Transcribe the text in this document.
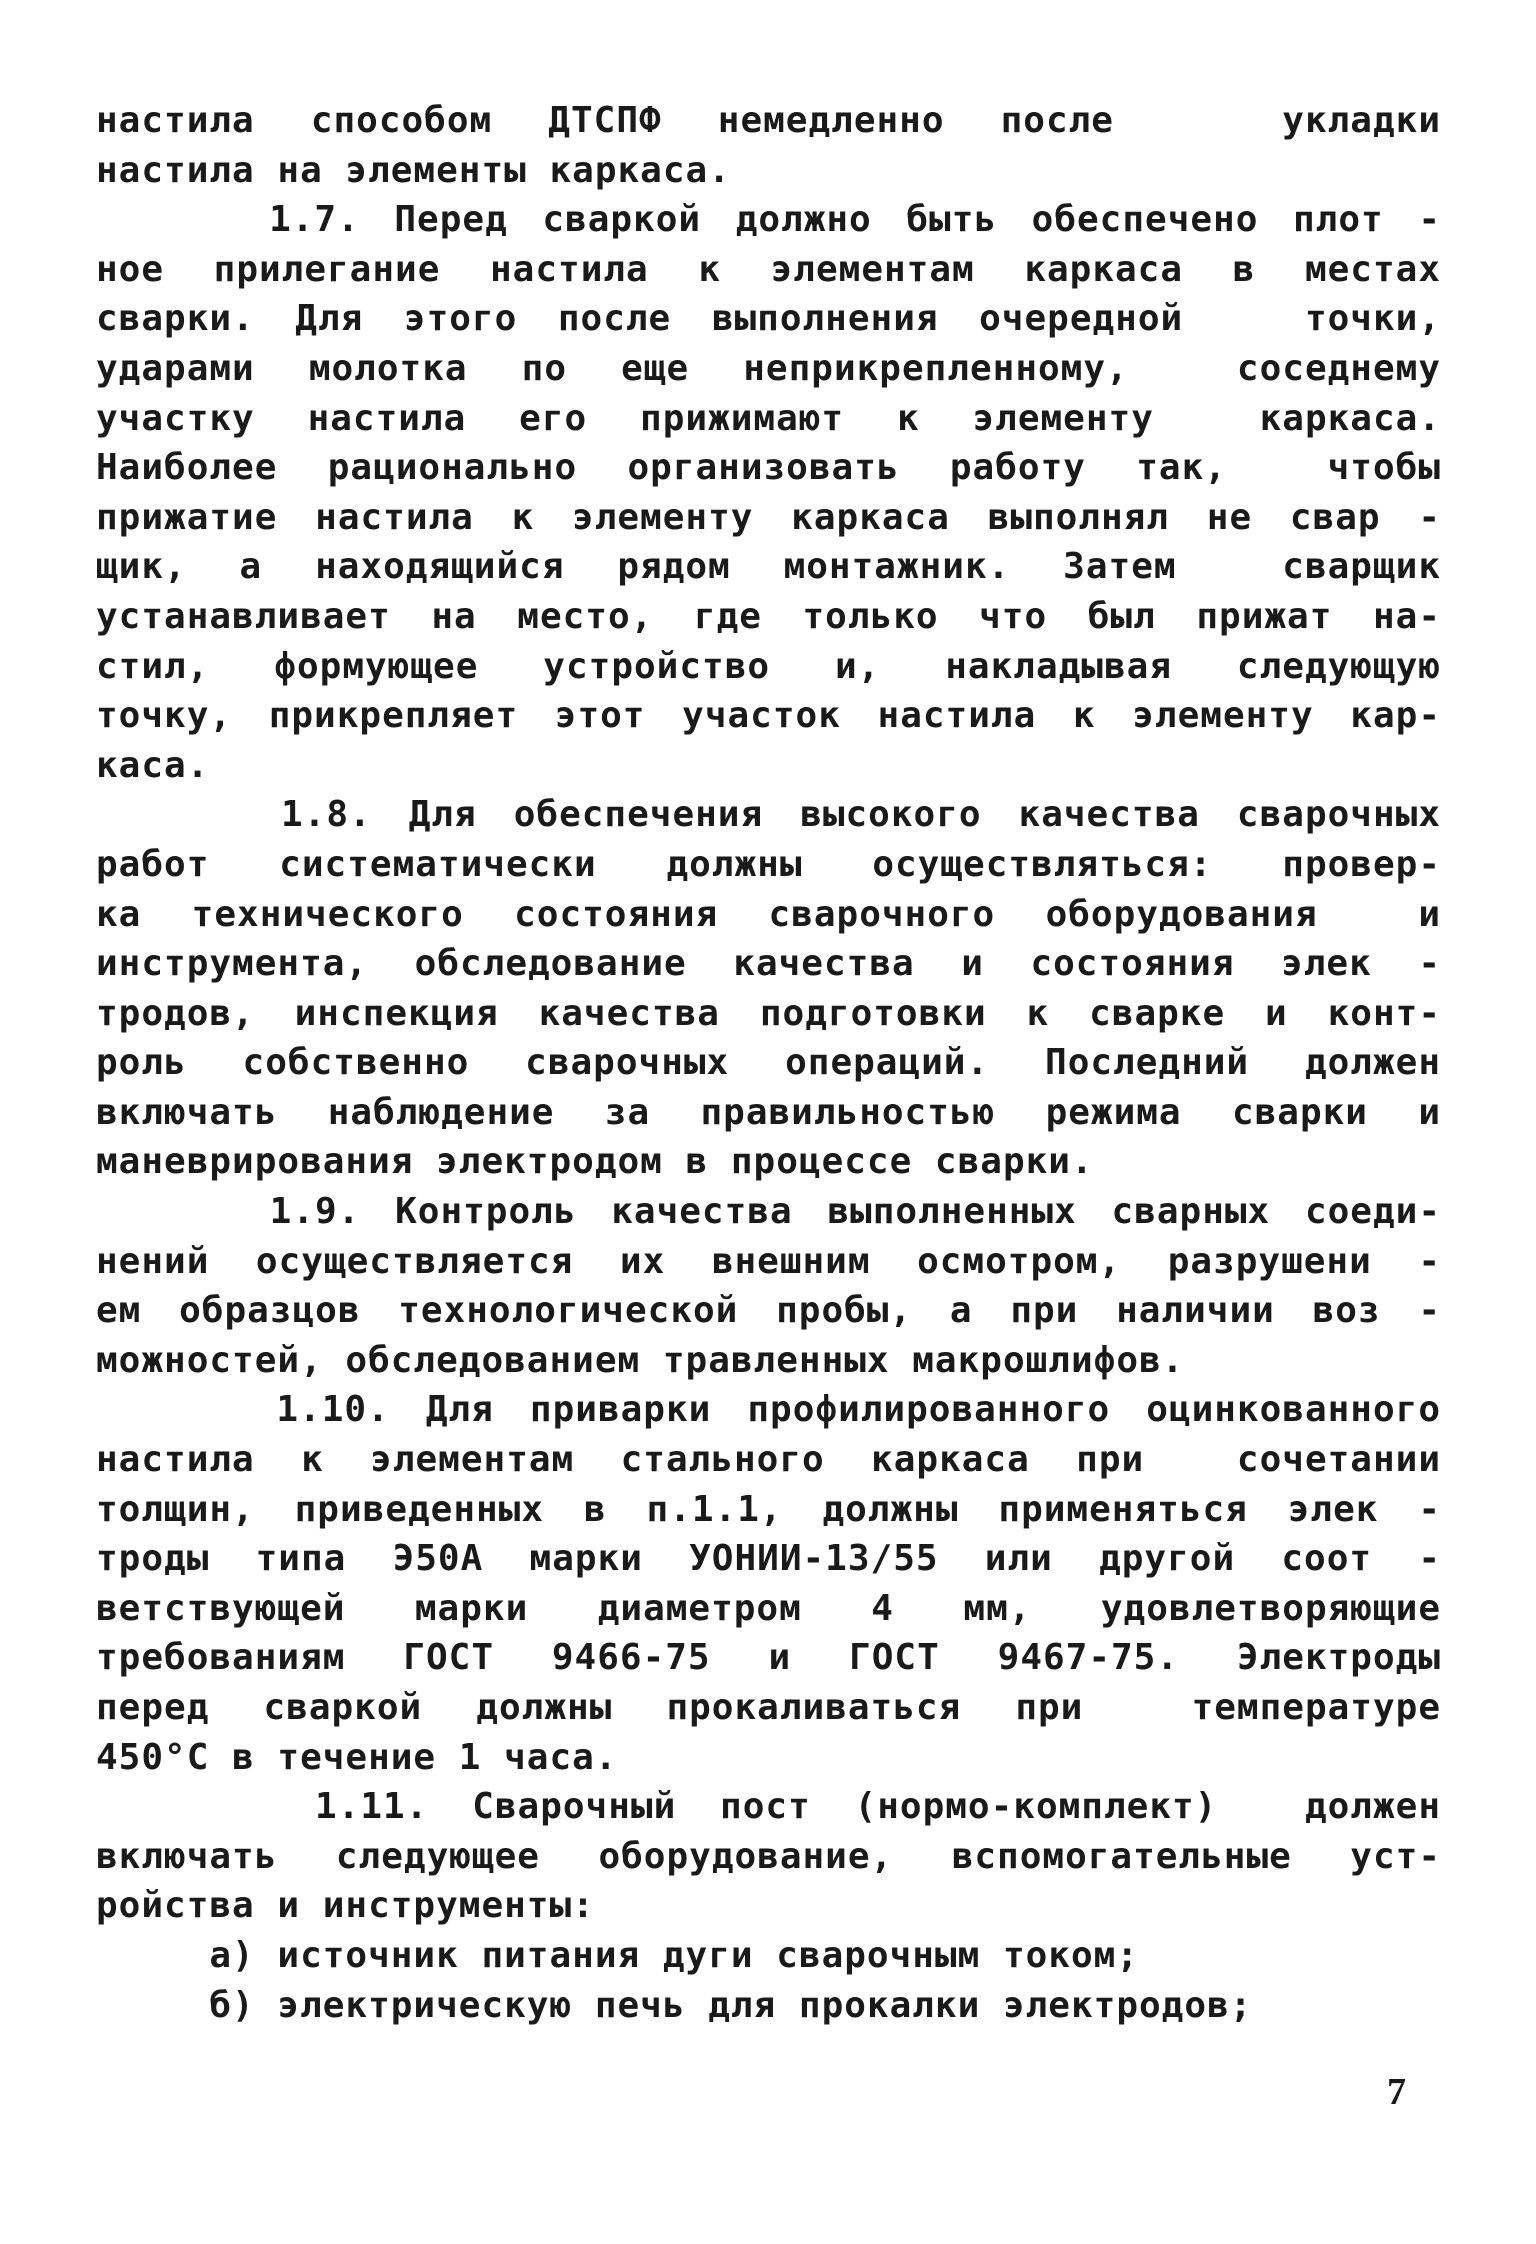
настила способом ДТСПФ немедленно после   укладки
настила на элементы каркаса.
1.7. Перед сваркой должно быть обеспечено плот -
ное прилегание настила к элементам каркаса в местах
сварки. Для этого после выполнения очередной   точки,
ударами молотка по еще неприкрепленному,  соседнему
участку настила его прижимают к элементу  каркаса.
Наиболее рационально организовать работу так,  чтобы
прижатие настила к элементу каркаса выполнял не свар -
щик, а находящийся рядом монтажник. Затем  сварщик
устанавливает на место, где только что был прижат на-
стил, формующее устройство и, накладывая следующую
точку, прикрепляет этот участок настила к элементу кар-
каса.
1.8. Для обеспечения высокого качества сварочных
работ систематически должны осуществляться: провер-
ка технического состояния сварочного оборудования  и
инструмента, обследование качества и состояния элек -
тродов, инспекция качества подготовки к сварке и конт-
роль собственно сварочных операций. Последний должен
включать наблюдение за правильностью режима сварки и
маневрирования электродом в процессе сварки.
1.9. Контроль качества выполненных сварных соеди-
нений осуществляется их внешним осмотром, разрушени -
ем образцов технологической пробы, а при наличии воз -
можностей, обследованием травленных макрошлифов.
1.10. Для приварки профилированного оцинкованного
настила к элементам стального каркаса при  сочетании
толщин, приведенных в п.1.1, должны применяться элек -
троды типа Э50А марки УОНИИ-13/55 или другой соот -
ветствующей марки диаметром 4 мм, удовлетворяющие
требованиям ГОСТ 9466-75 и ГОСТ 9467-75. Электроды
перед сваркой должны прокаливаться при  температуре
450°С в течение 1 часа.
1.11. Сварочный пост (нормо-комплект)  должен
включать следующее оборудование, вспомогательные уст-
ройства и инструменты:
а) источник питания дуги сварочным током;
б) электрическую печь для прокалки электродов;
7
